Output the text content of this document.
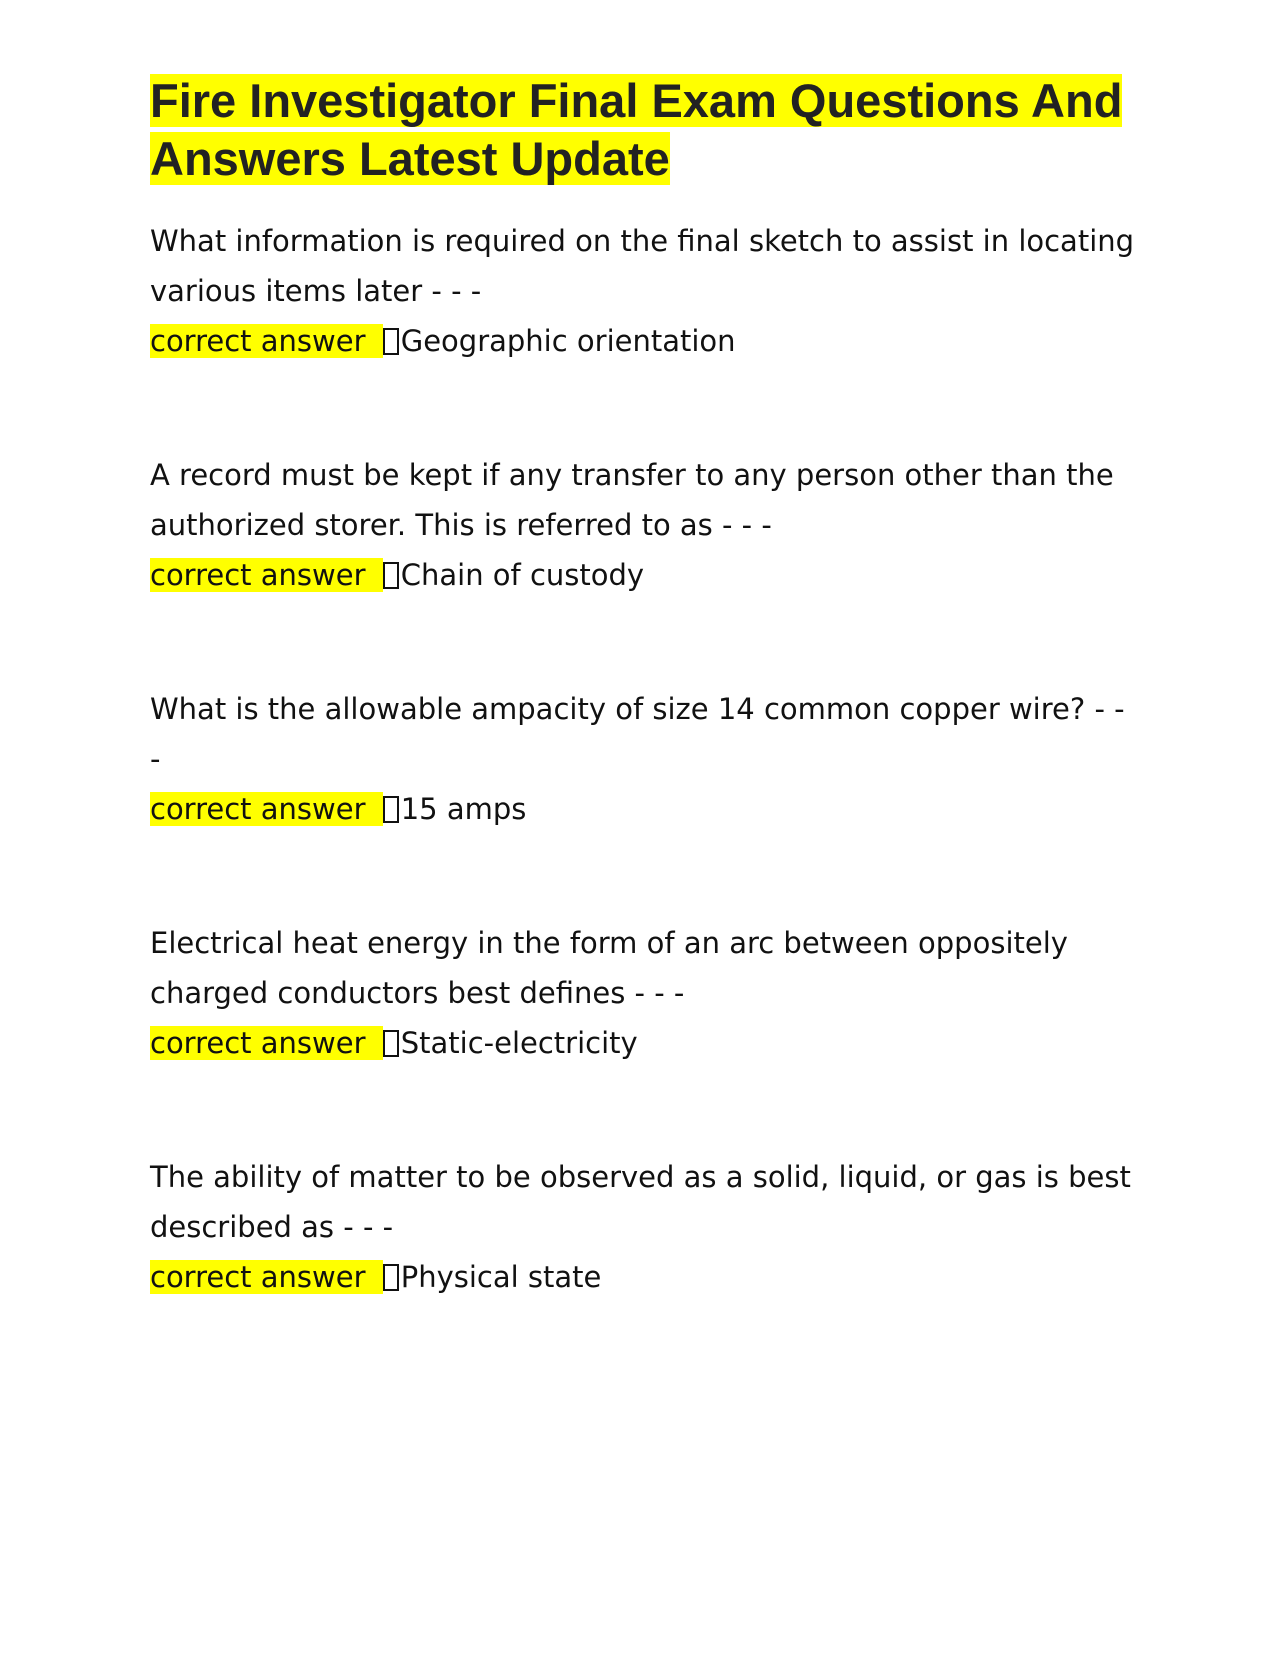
Fire Investigator Final Exam Questions And Answers Latest Update
What information is required on the final sketch to assist in locating various items later - - -
correct answer Geographic orientation
A record must be kept if any transfer to any person other than the authorized storer. This is referred to as - - -
correct answer Chain of custody
What is the allowable ampacity of size 14 common copper wire? - - -
correct answer 15 amps
Electrical heat energy in the form of an arc between oppositely charged conductors best defines - - -
correct answer Static-electricity
The ability of matter to be observed as a solid, liquid, or gas is best described as - - -
correct answer Physical state
